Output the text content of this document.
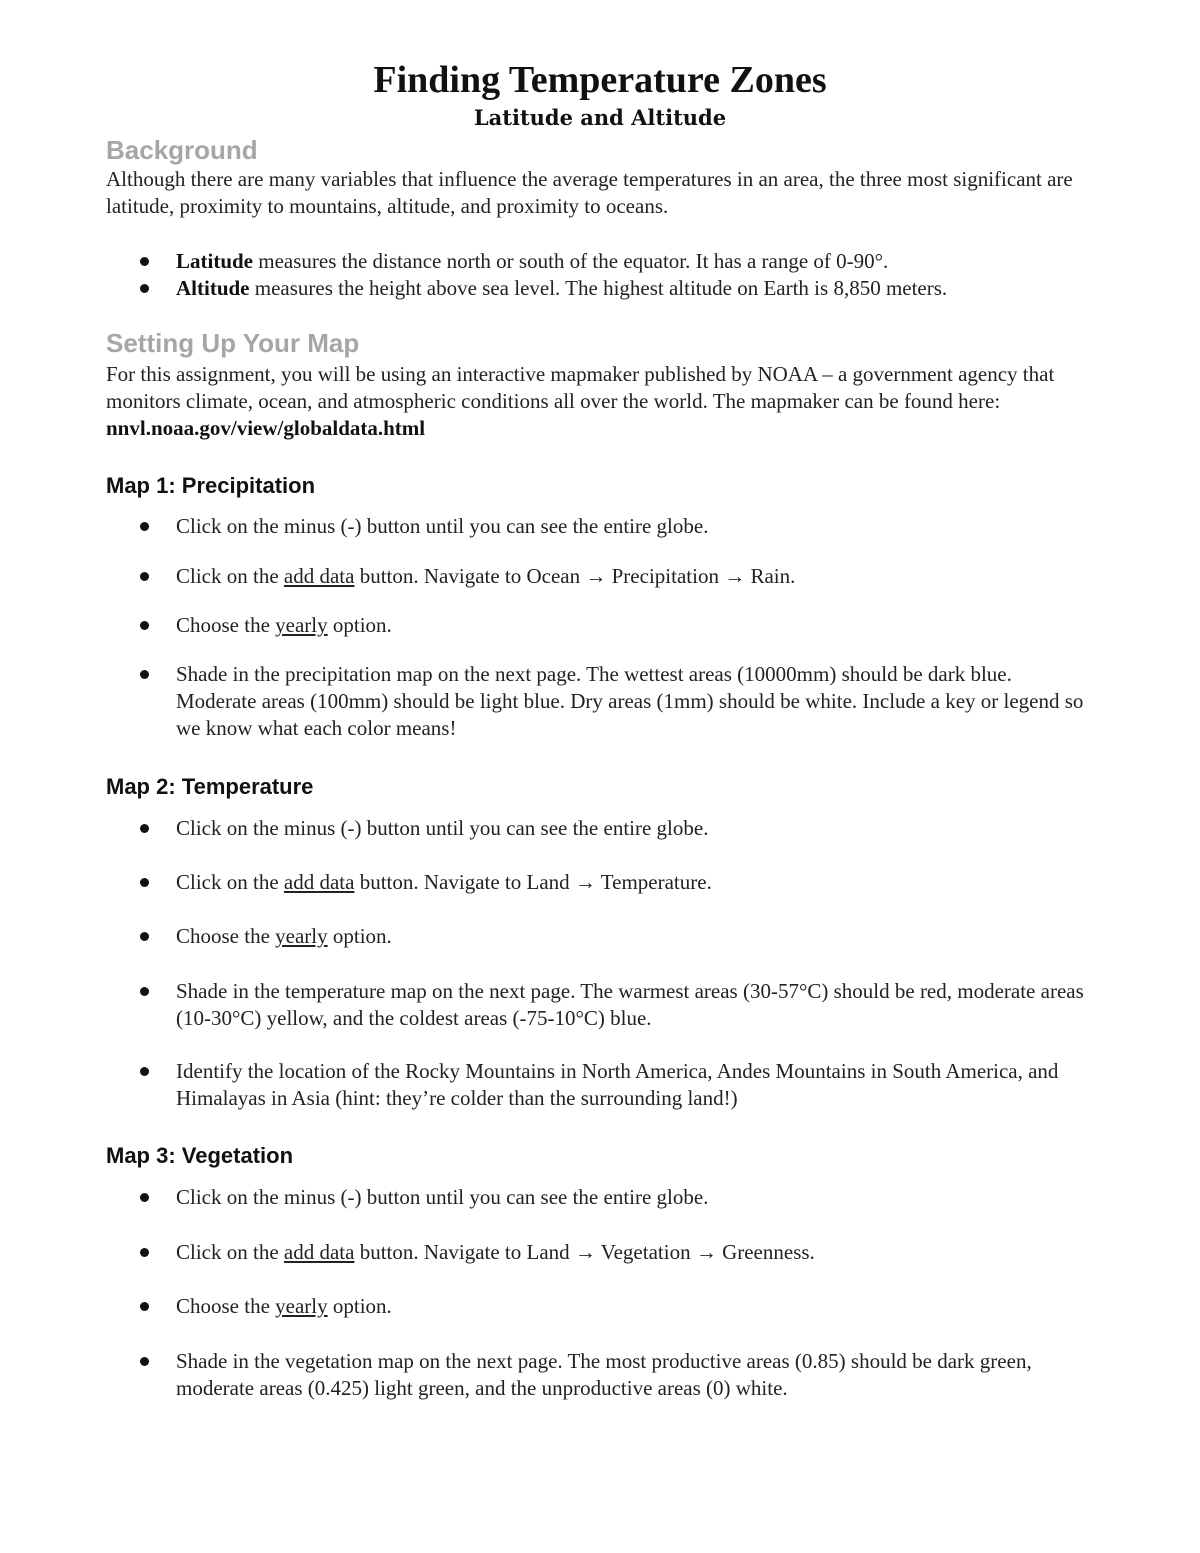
Finding Temperature Zones
Latitude and Altitude
Background
Although there are many variables that influence the average temperatures in an area, the three most significant are latitude, proximity to mountains, altitude, and proximity to oceans.
Latitude measures the distance north or south of the equator. It has a range of 0-90°.
Altitude measures the height above sea level. The highest altitude on Earth is 8,850 meters.
Setting Up Your Map
For this assignment, you will be using an interactive mapmaker published by NOAA – a government agency that monitors climate, ocean, and atmospheric conditions all over the world. The mapmaker can be found here: nnvl.noaa.gov/view/globaldata.html
Map 1: Precipitation
Click on the minus (-) button until you can see the entire globe.
Click on the add data button. Navigate to Ocean → Precipitation → Rain.
Choose the yearly option.
Shade in the precipitation map on the next page. The wettest areas (10000mm) should be dark blue. Moderate areas (100mm) should be light blue. Dry areas (1mm) should be white. Include a key or legend so we know what each color means!
Map 2: Temperature
Click on the minus (-) button until you can see the entire globe.
Click on the add data button. Navigate to Land → Temperature.
Choose the yearly option.
Shade in the temperature map on the next page. The warmest areas (30-57°C) should be red, moderate areas (10-30°C) yellow, and the coldest areas (-75-10°C) blue.
Identify the location of the Rocky Mountains in North America, Andes Mountains in South America, and Himalayas in Asia (hint: they’re colder than the surrounding land!)
Map 3: Vegetation
Click on the minus (-) button until you can see the entire globe.
Click on the add data button. Navigate to Land → Vegetation → Greenness.
Choose the yearly option.
Shade in the vegetation map on the next page. The most productive areas (0.85) should be dark green, moderate areas (0.425) light green, and the unproductive areas (0) white.
